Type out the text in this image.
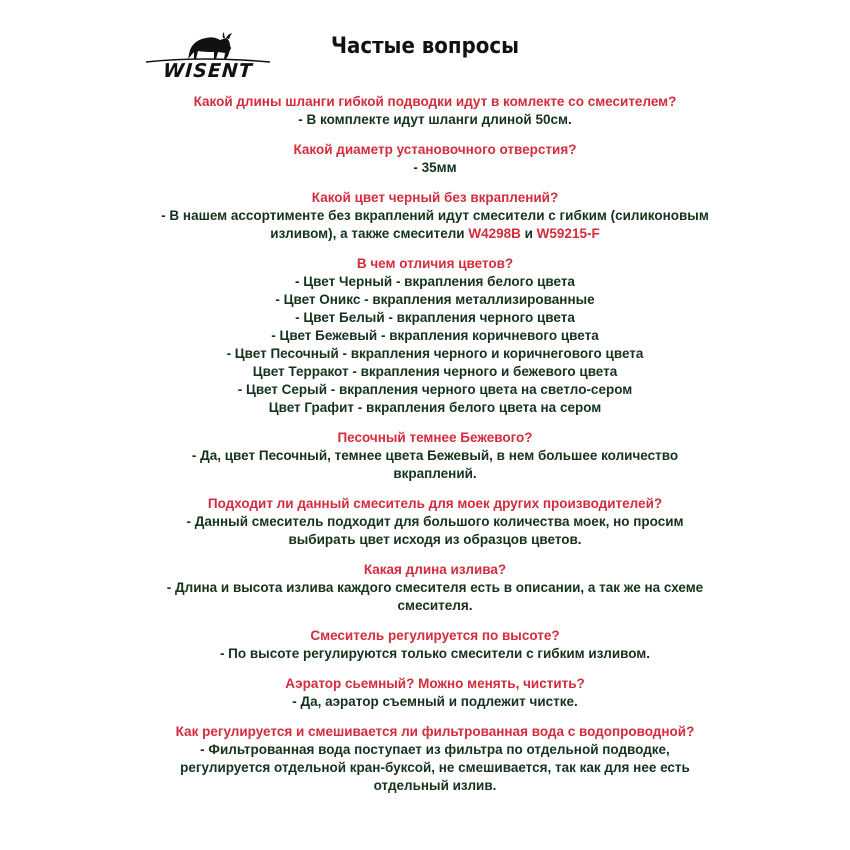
WISENT
Частые вопросы
Какой длины шланги гибкой подводки идут в комлекте со смесителем?
- В комплекте идут шланги длиной 50см.
Какой диаметр установочного отверстия?
- 35мм
Какой цвет черный без вкраплений?
- В нашем ассортименте без вкраплений идут смесители с гибким (силиконовым
изливом), а также смесители W4298B и W59215-F
В чем отличия цветов?
- Цвет Черный - вкрапления белого цвета
- Цвет Оникс - вкрапления металлизированные
- Цвет Белый - вкрапления черного цвета
- Цвет Бежевый - вкрапления коричневого цвета
- Цвет Песочный - вкрапления черного и коричнегового цвета
Цвет Терракот - вкрапления черного и бежевого цвета
- Цвет Серый - вкрапления черного цвета на светло-сером
Цвет Графит - вкрапления белого цвета на сером
Песочный темнее Бежевого?
- Да, цвет Песочный, темнее цвета Бежевый, в нем большее количество
вкраплений.
Подходит ли данный смеситель для моек других производителей?
- Данный смеситель подходит для большого количества моек, но просим
выбирать цвет исходя из образцов цветов.
Какая длина излива?
- Длина и высота излива каждого смесителя есть в описании, а так же на схеме
смесителя.
Смеситель регулируется по высоте?
- По высоте регулируются только смесители с гибким изливом.
Аэратор сьемный? Можно менять, чистить?
- Да, аэратор съемный и подлежит чистке.
Как регулируется и смешивается ли фильтрованная вода с водопроводной?
- Фильтрованная вода поступает из фильтра по отдельной подводке,
регулируется отдельной кран-буксой, не смешивается, так как для нее есть
отдельный излив.
